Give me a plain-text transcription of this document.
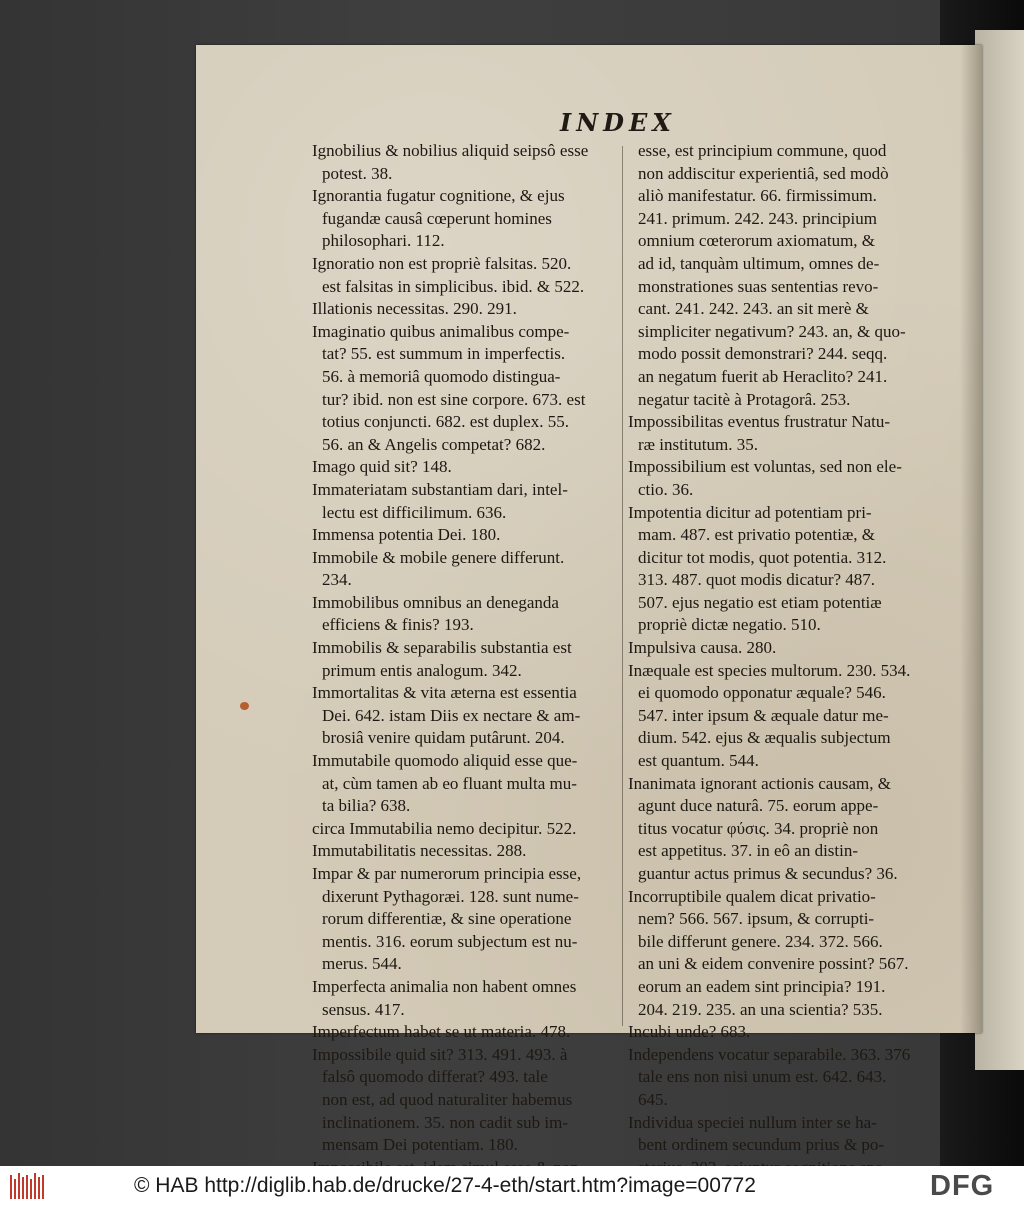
INDEX
Ignobilius & nobilius aliquid seipsô esse
potest. 38.
Ignorantia fugatur cognitione, & ejus
fugandæ causâ cœperunt homines
philosophari. 112.
Ignoratio non est propriè falsitas. 520.
est falsitas in simplicibus. ibid. & 522.
Illationis necessitas. 290. 291.
Imaginatio quibus animalibus compe-
tat? 55. est summum in imperfectis.
56. à memoriâ quomodo distingua-
tur? ibid. non est sine corpore. 673. est
totius conjuncti. 682. est duplex. 55.
56. an & Angelis competat? 682.
Imago quid sit? 148.
Immateriatam substantiam dari, intel-
lectu est difficilimum. 636.
Immensa potentia Dei. 180.
Immobile & mobile genere differunt.
234.
Immobilibus omnibus an deneganda
efficiens & finis? 193.
Immobilis & separabilis substantia est
primum entis analogum. 342.
Immortalitas & vita æterna est essentia
Dei. 642. istam Diis ex nectare & am-
brosiâ venire quidam putârunt. 204.
Immutabile quomodo aliquid esse que-
at, cùm tamen ab eo fluant multa mu-
ta bilia? 638.
circa Immutabilia nemo decipitur. 522.
Immutabilitatis necessitas. 288.
Impar & par numerorum principia esse,
dixerunt Pythagoræi. 128. sunt nume-
rorum differentiæ, & sine operatione
mentis. 316. eorum subjectum est nu-
merus. 544.
Imperfecta animalia non habent omnes
sensus. 417.
Imperfectum habet se ut materia. 478.
Impossibile quid sit? 313. 491. 493. à
falsô quomodo differat? 493. tale
non est, ad quod naturaliter habemus
inclinationem. 35. non cadit sub im-
mensam Dei potentiam. 180.
esse, est principium commune, quod
non addiscitur experientiâ, sed modò
aliò manifestatur. 66. firmissimum.
241. primum. 242. 243. principium
omnium cœterorum axiomatum, &
ad id, tanquàm ultimum, omnes de-
monstrationes suas sententias revo-
cant. 241. 242. 243. an sit merè &
simpliciter negativum? 243. an, & quo-
modo possit demonstrari? 244. seqq.
an negatum fuerit ab Heraclito? 241.
negatur tacitè à Protagorâ. 253.
Impossibilitas eventus frustratur Natu-
ræ institutum. 35.
Impossibilium est voluntas, sed non ele-
ctio. 36.
Impotentia dicitur ad potentiam pri-
mam. 487. est privatio potentiæ, &
dicitur tot modis, quot potentia. 312.
313. 487. quot modis dicatur? 487.
507. ejus negatio est etiam potentiæ
propriè dictæ negatio. 510.
Impulsiva causa. 280.
Inæquale est species multorum. 230. 534.
ei quomodo opponatur æquale? 546.
547. inter ipsum & æquale datur me-
dium. 542. ejus & æqualis subjectum
est quantum. 544.
Inanimata ignorant actionis causam, &
agunt duce naturâ. 75. eorum appe-
titus vocatur φύσις. 34. propriè non
est appetitus. 37. in eô an distin-
guantur actus primus & secundus? 36.
Incorruptibile qualem dicat privatio-
nem? 566. 567. ipsum, & corrupti-
bile differunt genere. 234. 372. 566.
an uni & eidem convenire possint? 567.
eorum an eadem sint principia? 191.
204. 219. 235. an una scientia? 535.
Incubi unde? 683.
Independens vocatur separabile. 363. 376
tale ens non nisi unum est. 642. 643.
645.
Individua speciei nullum inter se ha-
bent ordinem secundum prius & po-
© HAB http://diglib.hab.de/drucke/27-4-eth/start.htm?image=00772	DFG
